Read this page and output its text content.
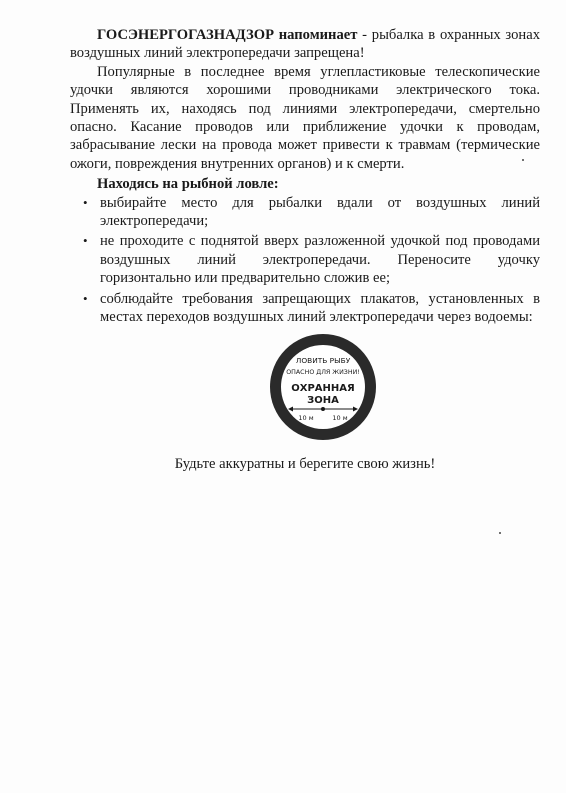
ГОСЭНЕРГОГАЗНАДЗОР напоминает - рыбалка в охранных зонах воздушных линий электропередачи запрещена!

Популярные в последнее время углепластиковые телескопические удочки являются хорошими проводниками электрического тока. Применять их, находясь под линиями электропередачи, смертельно опасно. Касание проводов или приближение удочки к проводам, забрасывание лески на провода может привести к травмам (термические ожоги, повреждения внутренних органов) и к смерти.

Находясь на рыбной ловле:

• выбирайте место для рыбалки вдали от воздушных линий электропередачи;
• не проходите с поднятой вверх разложенной удочкой под проводами воздушных линий электропередачи. Переносите удочку горизонтально или предварительно сложив ее;
• соблюдайте требования запрещающих плакатов, установленных в местах переходов воздушных линий электропередачи через водоемы:
ЛОВИТЬ РЫБУ
ОПАСНО ДЛЯ ЖИЗНИ!
ОХРАННАЯ
ЗОНА
10 м	10 м
Будьте аккуратны и берегите свою жизнь!
